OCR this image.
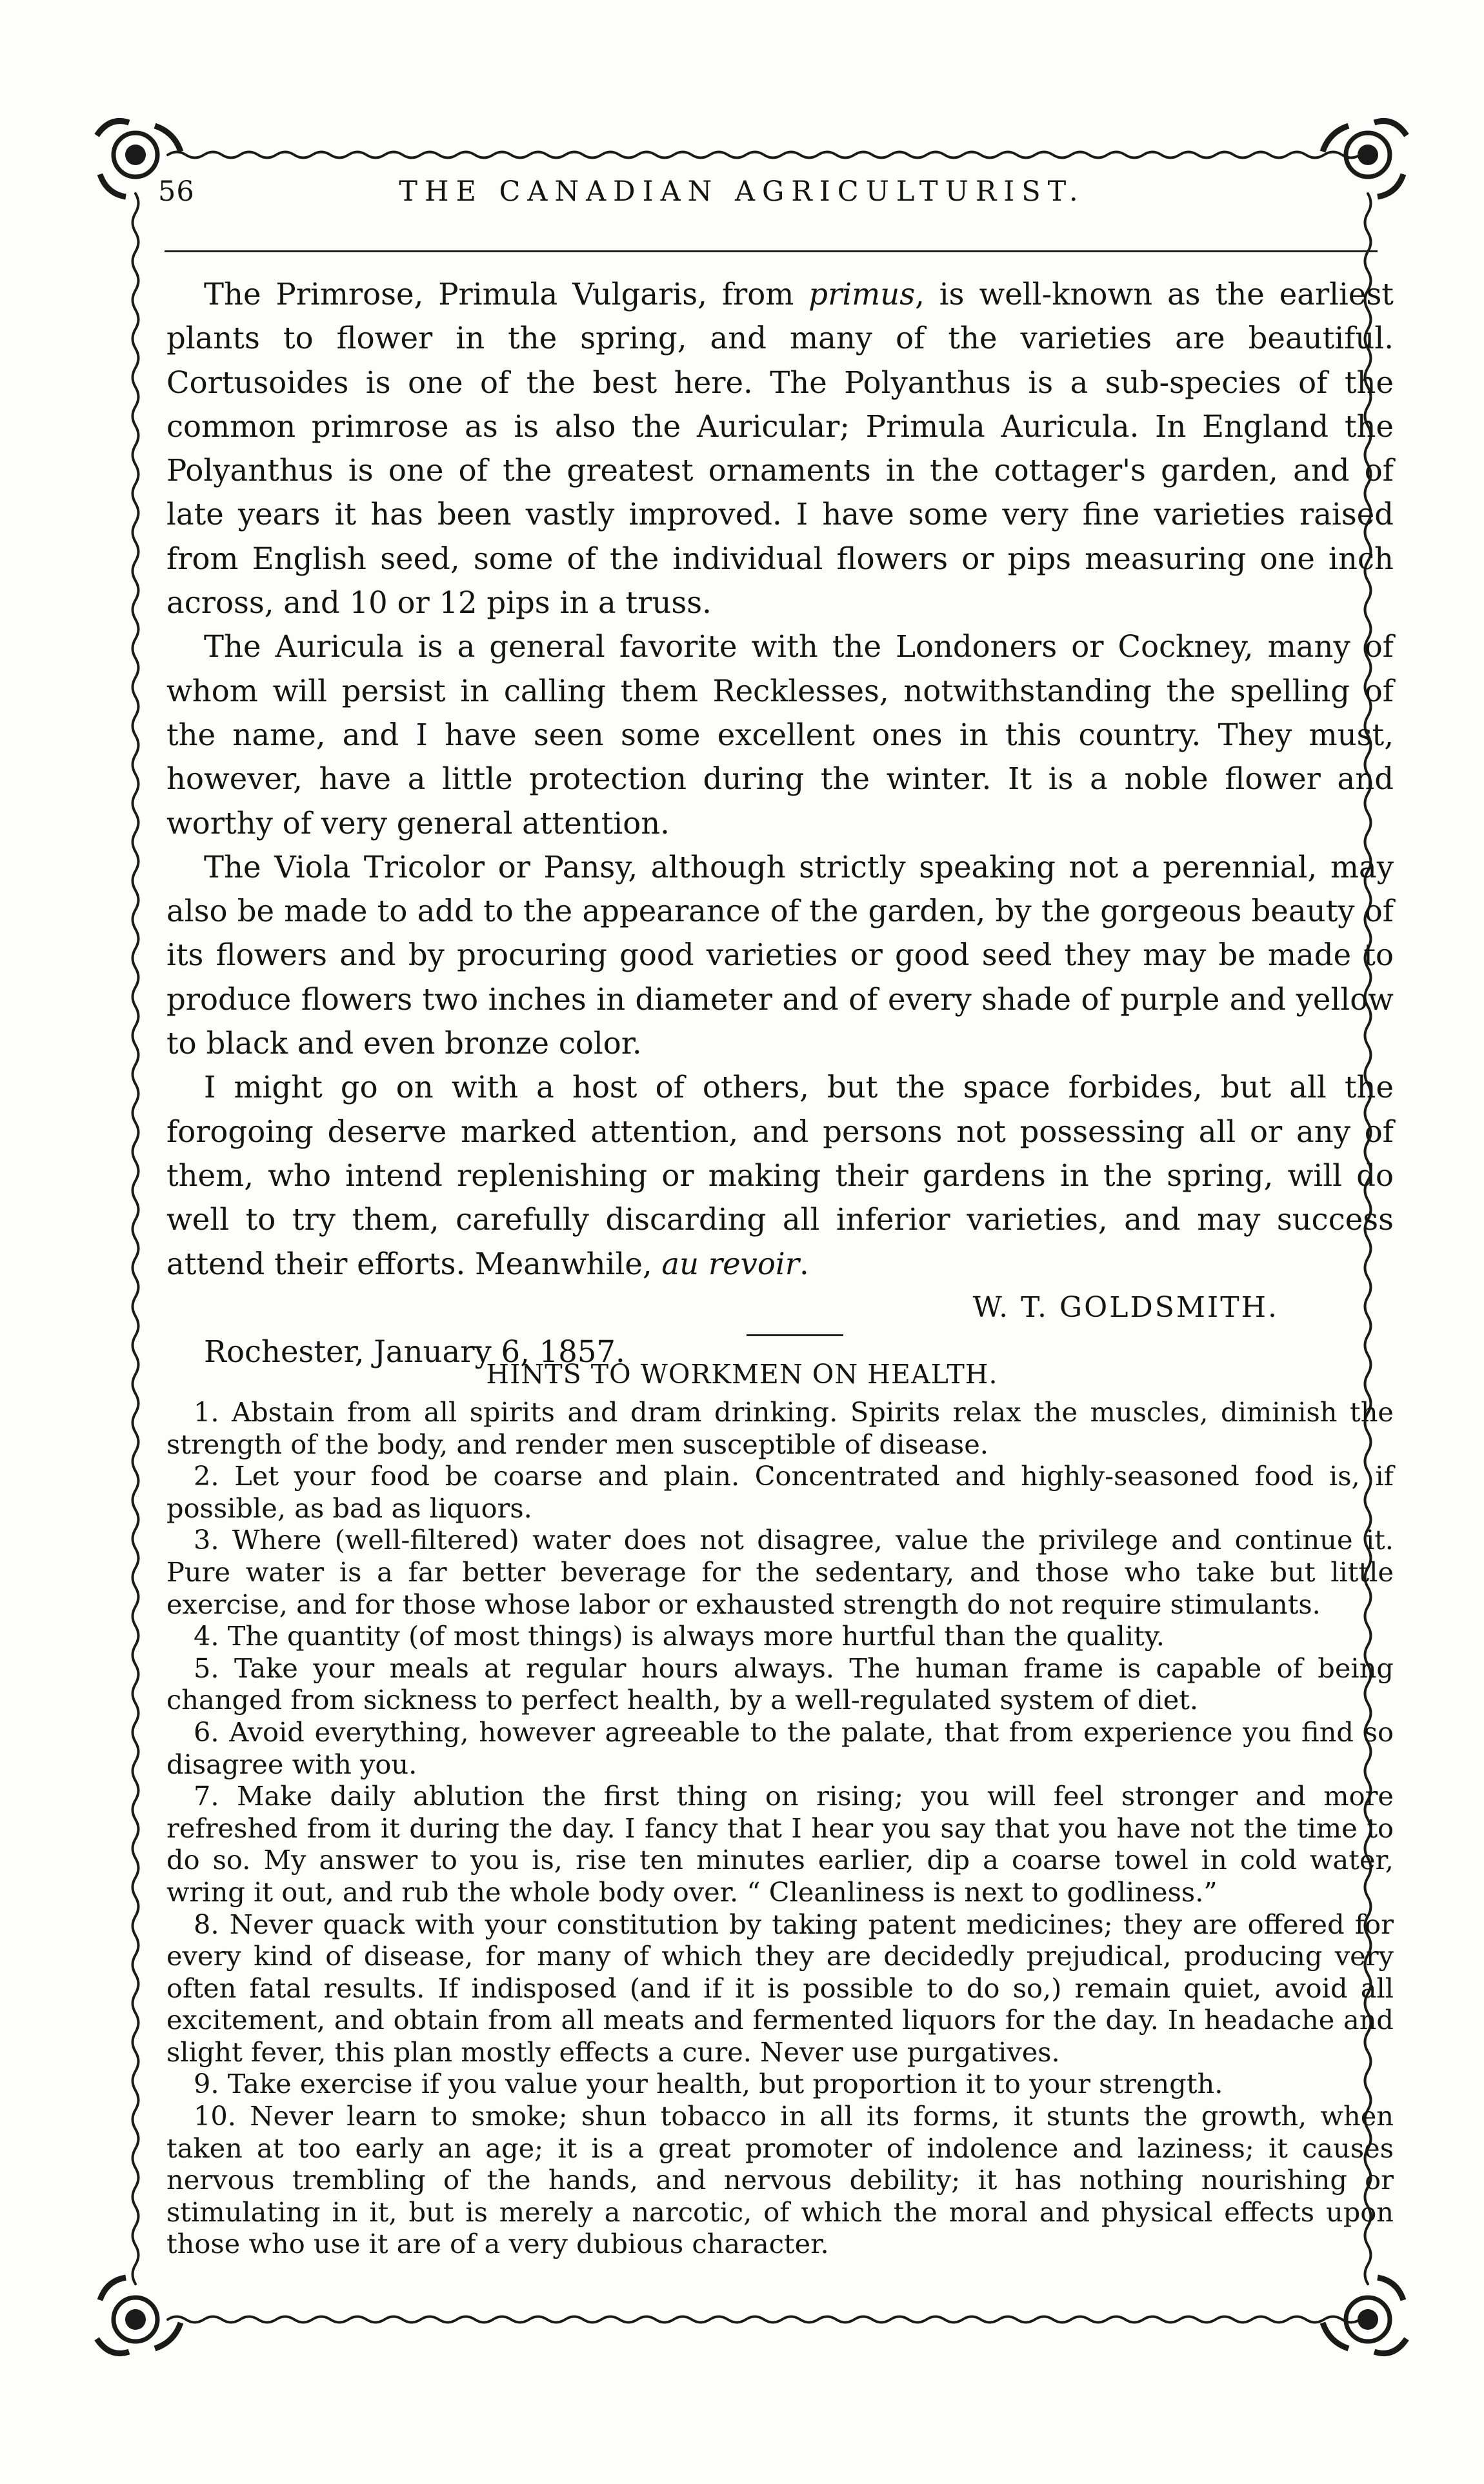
56	THE CANADIAN AGRICULTURIST.

The Primrose, Primula Vulgaris, from primus, is well-known as the earliest plants to flower in the spring, and many of the varieties are beautiful. Cortusoides is one of the best here. The Polyanthus is a sub-species of the common primrose as is also the Auricular; Primula Auricula. In England the Polyanthus is one of the greatest ornaments in the cottager's garden, and of late years it has been vastly improved. I have some very fine varieties raised from English seed, some of the individual flowers or pips measuring one inch across, and 10 or 12 pips in a truss.

The Auricula is a general favorite with the Londoners or Cockney, many of whom will persist in calling them Recklesses, notwithstanding the spelling of the name, and I have seen some excellent ones in this country. They must, however, have a little protection during the winter. It is a noble flower and worthy of very general attention.

The Viola Tricolor or Pansy, although strictly speaking not a perennial, may also be made to add to the appearance of the garden, by the gorgeous beauty of its flowers and by procuring good varieties or good seed they may be made to produce flowers two inches in diameter and of every shade of purple and yellow to black and even bronze color.

I might go on with a host of others, but the space forbides, but all the forogoing deserve marked attention, and persons not possessing all or any of them, who intend replenishing or making their gardens in the spring, will do well to try them, carefully discarding all inferior varieties, and may success attend their efforts. Meanwhile, au revoir.

W. T. GOLDSMITH.

Rochester, January 6, 1857.

HINTS TO WORKMEN ON HEALTH.

1. Abstain from all spirits and dram drinking. Spirits relax the muscles, diminish the strength of the body, and render men susceptible of disease.

2. Let your food be coarse and plain. Concentrated and highly-seasoned food is, if possible, as bad as liquors.

3. Where (well-filtered) water does not disagree, value the privilege and continue it. Pure water is a far better beverage for the sedentary, and those who take but little exercise, and for those whose labor or exhausted strength do not require stimulants.

4. The quantity (of most things) is always more hurtful than the quality.

5. Take your meals at regular hours always. The human frame is capable of being changed from sickness to perfect health, by a well-regulated system of diet.

6. Avoid everything, however agreeable to the palate, that from experience you find so disagree with you.

7. Make daily ablution the first thing on rising; you will feel stronger and more refreshed from it during the day. I fancy that I hear you say that you have not the time to do so. My answer to you is, rise ten minutes earlier, dip a coarse towel in cold water, wring it out, and rub the whole body over. “ Cleanliness is next to godliness.”

8. Never quack with your constitution by taking patent medicines; they are offered for every kind of disease, for many of which they are decidedly prejudical, producing very often fatal results. If indisposed (and if it is possible to do so,) remain quiet, avoid all excitement, and obtain from all meats and fermented liquors for the day. In headache and slight fever, this plan mostly effects a cure. Never use purgatives.

9. Take exercise if you value your health, but proportion it to your strength.

10. Never learn to smoke; shun tobacco in all its forms, it stunts the growth, when taken at too early an age; it is a great promoter of indolence and laziness; it causes nervous trembling of the hands, and nervous debility; it has nothing nourishing or stimulating in it, but is merely a narcotic, of which the moral and physical effects upon those who use it are of a very dubious character.
